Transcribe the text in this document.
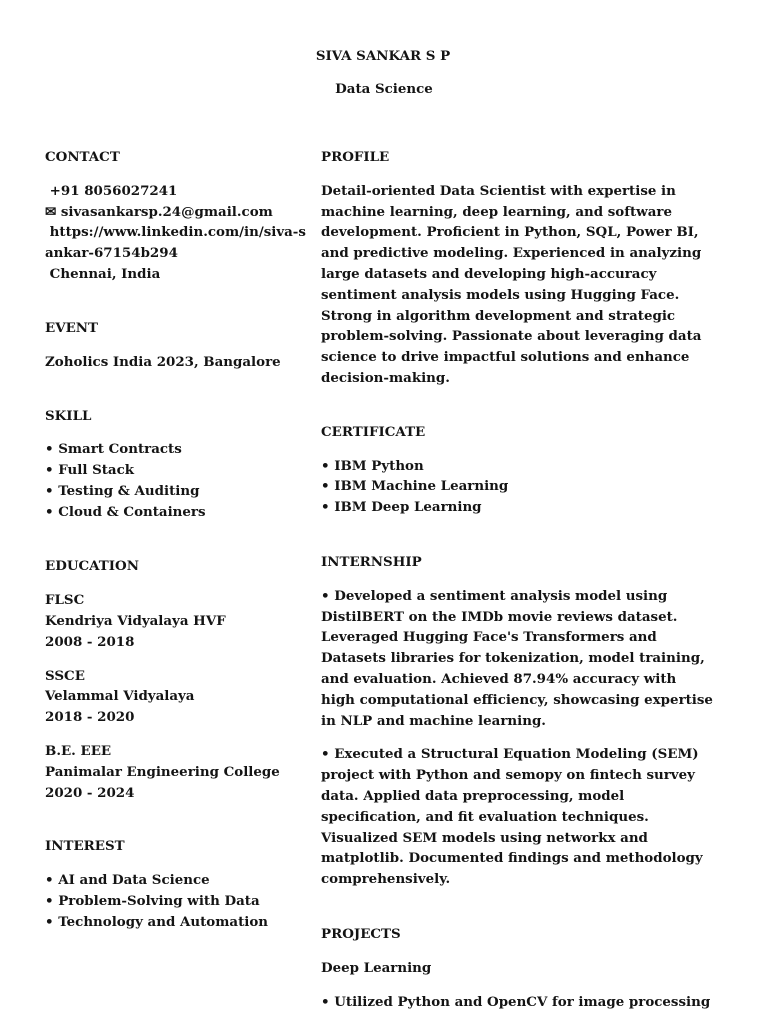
SIVA SANKAR S P
Data Science
CONTACT
+91 8056027241
✉ sivasankarsp.24@gmail.com
https://www.linkedin.com/in/siva-sankar-67154b294
Chennai, India
EVENT
Zoholics India 2023, Bangalore
SKILL
• Smart Contracts
• Full Stack
• Testing & Auditing
• Cloud & Containers
EDUCATION
FLSC
Kendriya Vidyalaya HVF
2008 - 2018
SSCE
Velammal Vidyalaya
2018 - 2020
B.E. EEE
Panimalar Engineering College
2020 - 2024
INTEREST
• AI and Data Science
• Problem-Solving with Data
• Technology and Automation
PROFILE
Detail-oriented Data Scientist with expertise in machine learning, deep learning, and software development. Proficient in Python, SQL, Power BI, and predictive modeling. Experienced in analyzing large datasets and developing high-accuracy sentiment analysis models using Hugging Face. Strong in algorithm development and strategic problem-solving. Passionate about leveraging data science to drive impactful solutions and enhance decision-making.
CERTIFICATE
• IBM Python
• IBM Machine Learning
• IBM Deep Learning
INTERNSHIP
• Developed a sentiment analysis model using DistilBERT on the IMDb movie reviews dataset. Leveraged Hugging Face's Transformers and Datasets libraries for tokenization, model training, and evaluation. Achieved 87.94% accuracy with high computational efficiency, showcasing expertise in NLP and machine learning.
• Executed a Structural Equation Modeling (SEM) project with Python and semopy on fintech survey data. Applied data preprocessing, model specification, and fit evaluation techniques. Visualized SEM models using networkx and matplotlib. Documented findings and methodology comprehensively.
PROJECTS
Deep Learning
• Utilized Python and OpenCV for image processing
